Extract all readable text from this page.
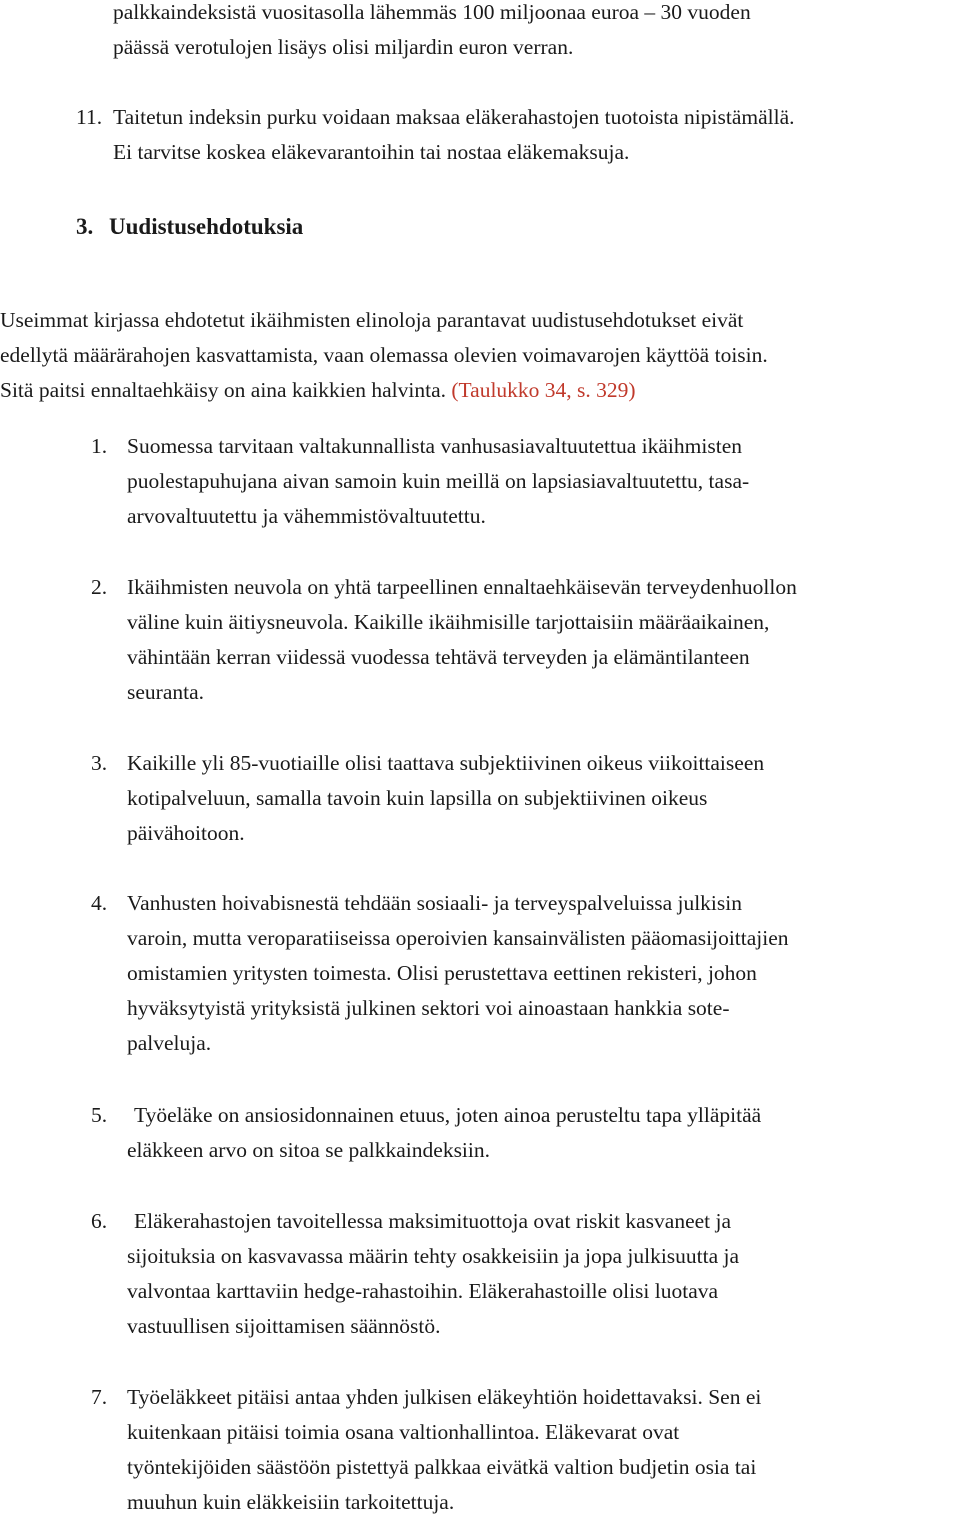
palkkaindeksistä vuositasolla lähemmäs 100 miljoonaa euroa – 30 vuoden

päässä verotulojen lisäys olisi miljardin euron verran.

11. Taitetun indeksin purku voidaan maksaa eläkerahastojen tuotoista nipistämällä.

Ei tarvitse koskea eläkevarantoihin tai nostaa eläkemaksuja.

3. Uudistusehdotuksia

Useimmat kirjassa ehdotetut ikäihmisten elinoloja parantavat uudistusehdotukset eivät

edellytä määrärahojen kasvattamista, vaan olemassa olevien voimavarojen käyttöä toisin.

Sitä paitsi ennaltaehkäisy on aina kaikkien halvinta. (Taulukko 34, s. 329)

1. Suomessa tarvitaan valtakunnallista vanhusasiavaltuutettua ikäihmisten

puolestapuhujana aivan samoin kuin meillä on lapsiasiavaltuutettu, tasa-

arvovaltuutettu ja vähemmistövaltuutettu.

2. Ikäihmisten neuvola on yhtä tarpeellinen ennaltaehkäisevän terveydenhuollon

väline kuin äitiysneuvola. Kaikille ikäihmisille tarjottaisiin määräaikainen,

vähintään kerran viidessä vuodessa tehtävä terveyden ja elämäntilanteen

seuranta.

3. Kaikille yli 85-vuotiaille olisi taattava subjektiivinen oikeus viikoittaiseen

kotipalveluun, samalla tavoin kuin lapsilla on subjektiivinen oikeus

päivähoitoon.

4. Vanhusten hoivabisnestä tehdään sosiaali- ja terveyspalveluissa julkisin

varoin, mutta veroparatiiseissa operoivien kansainvälisten pääomasijoittajien

omistamien yritysten toimesta. Olisi perustettava eettinen rekisteri, johon

hyväksytyistä yrityksistä julkinen sektori voi ainoastaan hankkia sote-

palveluja.

5. Työeläke on ansiosidonnainen etuus, joten ainoa perusteltu tapa ylläpitää

eläkkeen arvo on sitoa se palkkaindeksiin.

6. Eläkerahastojen tavoitellessa maksimituottoja ovat riskit kasvaneet ja

sijoituksia on kasvavassa määrin tehty osakkeisiin ja jopa julkisuutta ja

valvontaa karttaviin hedge-rahastoihin. Eläkerahastoille olisi luotava

vastuullisen sijoittamisen säännöstö.

7. Työeläkkeet pitäisi antaa yhden julkisen eläkeyhtiön hoidettavaksi. Sen ei

kuitenkaan pitäisi toimia osana valtionhallintoa. Eläkevarat ovat

työntekijöiden säästöön pistettyä palkkaa eivätkä valtion budjetin osia tai

muuhun kuin eläkkeisiin tarkoitettuja.
